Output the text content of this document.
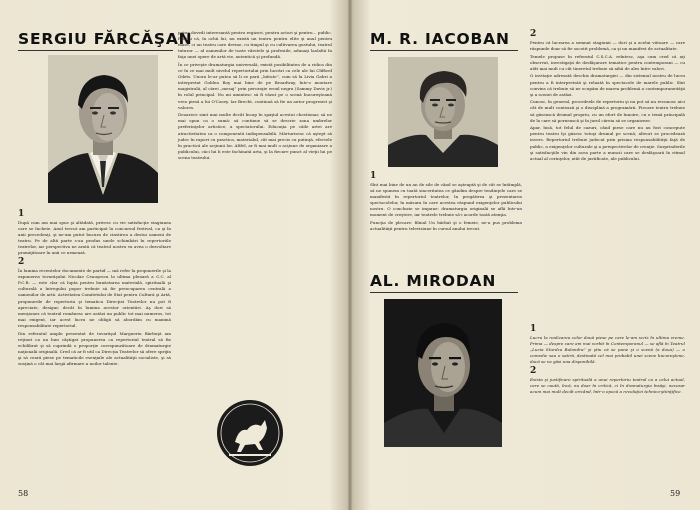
SERGIU FĂRCĂŞAN

1
După cum am mai spus şi altădată, privesc cu vie satisfacţie stagiunea care se încheie. Anul trecut am participat la concursul festival, ca şi în anii precedenţi, şi ne-am putut bucura de cinstirea a destui oameni de teatru. Pe de altă parte s-au produs unele schimbări în repertoriile teatrelor, iar perspectiva ne arată că teatrul nostru va avea o dezvoltare promiţătoare în anii ce urmează.

2
În lumina recentelor documente de partid — mă refer la propunerile şi la expunerea tovarăşului Nicolae Ceauşescu la ultima plenară a C.C. al P.C.R. — este clar că lupta pentru bunăstarea materială, spirituală şi culturală a întregului popor trebuie să fie preocuparea centrală a oamenilor de artă. Activitatea Comitetului de Stat pentru Cultură şi Artă, propunerile de repertoriu şi tematica Direcţiei Teatrelor nu pot fi apreciate, desigur, decât în lumina acestor orientări. Aş dori să menţionez că teatrul românesc are astăzi un public tot mai numeros, tot mai exigent, iar acest lucru ne obligă să abordăm cu maximă responsabilitate repertoriul.

Din referatul amplu prezentat de tovarăşul Margueriu Bărbuţă am reţinut ca un bun câştigat propunerea ca repertoriul teatral să fie echilibrat şi să cuprindă o proporţie corespunzătoare de dramaturgie naţională originală. Cred că ar fi util ca Direcţia Teatrelor să ofere sprijin şi să ceară piese pe tematicile esenţiale ale actualităţii socialiste, şi să susţină o cât mai largă afirmare a noilor talente.

putea dovedi interesantă pentru regizori, pentru actori şi pentru... public. Pentru că, în ochii lui, nu există un teatru pentru elite şi unul pentru mase, ci un teatru care devine, cu timpul şi cu cultivarea gustului, teatrul tuturor — al oamenilor de toate vârstele şi profesiile, adunaţi laolaltă în faţa unei opere de artă vie, autentică şi profundă.

În ce priveşte dramaturgia universală, există posibilitatea de a ridica din ce în ce mai mult nivelul repertoriului prin lucrări ca cele ale lui Clifford Odets. Unora le-ar putea să li se pară „bătute”, cum să la Livia Gabri a interpretat Golden Boy mai bine de pe Broadway, într-o montare magistrală, al cărei „mesaj” prin peroraţie eroul negru (Sammy Davis jr.) în rolul principal. Nu mi amintesc să fi văzut pe o scenă bucureşteană vreo piesă a lui O'Casey. Iar Brecht, continuă să fie un autor progresist şi valoros.

Deoarece simt mai multe decât încap în spaţiul acestui chestionar, să ne mai spun ca o sumă: să continue să se descrie zona umbrelor preferinţelor artistice, a spectatorului. Educaţia pe căile artei are atractivitatea ca o componentă indispensabilă. Mărturisesc că aştept să judec în raport cu practica, materialul, cât mai precis cu putinţă, efectele în practică ale acţiunii lor. Altfel, ar fi mai mult o acţiune de organizare a publicului, căci lui îi este închinată arta, şi la fiecare punct al vieţii lui pe scena teatrului.

58
M. R. IACOBAN

1
Sînt mai bine de un an de zile de când se aşteaptă şi de cât se întâmplă, să ne spunem cu toată sinceritatea ce gândim despre tendinţele care se manifestă în repertoriul teatrelor, în pregătirea şi prezentarea spectacolelor, în măsura în care acestea răspund exigenţelor publicului nostru. O concluzie se impune: dramaturgia originală se află într-un moment de creştere, iar teatrele trebuie să-i acorde toată atenţia.

Funcţia de plecare: filmul Un bărbat şi o femeie, ne-a pus problema actualităţii pentru televiziune în cursul anului trecut.

AL. MIRODAN

2
Pentru că lucrarea a semnat stagiunii — dori şi a acelui viitoare — care răspunde doar să fie socotit problemă, ca şi un manifest de actualitate.

Temele propuse în referatul C.S.C.A. reîntesc, aşa cum cred că aţi observat, investigaţii de desfăşurare tematice pentru contemporani — cu atât mai mult cu cât tineretul trebuie să aibă de ales între valori.

O invitaţie adresată deschis dramaturgiei — din sistemul nostru de lucru pentru a fi interpretată şi reluată în spectacole de marele public. Sînt convins că trebuie să ne ocupăm de marea problemă a contemporaneităţii şi a scenei de astăzi.

Cunosc, în general, procedeele de repertoriu şi nu pot să nu recunosc aici cât de mult contează şi o disciplină a programării. Fiecare teatru trebuie să găsească drumul propriu, cu un efort de înnoire, cu o temă principală de la care să pornească şi în jurul căreia să se organizeze.

Apar, însă, tot felul de cazuri, când piese care nu au fost concepute pentru teatru îşi găsesc totuşi drumul pe scenă; alteori se procedează invers. Repertoriul trebuie judecat prin prisma responsabilităţii faţă de public, a exigenţelor culturale şi a perspectivelor de creaţie. Surprinderile şi satisfacţiile vin din acea parte a muncii care se desfăşoară în ritmul actual al cerinţelor, atât de justificate, ale publicului.

1
Lucru la realizarea celor două piese pe care le-am scris în ultima vreme. Prima — despre care am mai vorbit în Contemporanul — se află în Teatrul „Lucia Sturdza Bulandra” şi ştiu că se pune şi o scenă (a doua) — o comedie sau o satiră, destinată cel mai probabil unei scene bucureştene, dacă se va găsi una disponibilă.

2
Exista şi justificare spirituală a unui repertoriu teatral ca a celui actual, care se caută, încă, nu doar în critică, ci în dramaturgia însăşi, necesar acum mai mult decât oricând, într-o epocă a revoluţiei tehnico-ştiinţifice.

59
